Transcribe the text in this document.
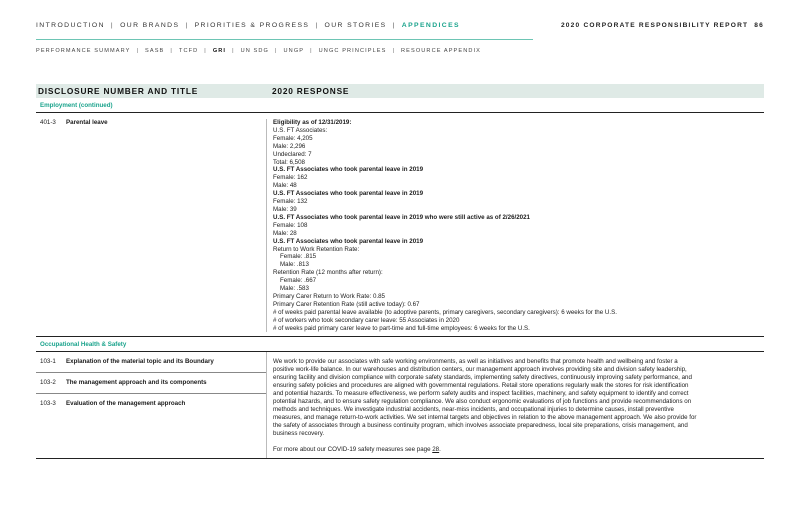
INTRODUCTION | OUR BRANDS | PRIORITIES & PROGRESS | OUR STORIES | APPENDICES	2020 CORPORATE RESPONSIBILITY REPORT 86
PERFORMANCE SUMMARY | SASB | TCFD | GRI | UN SDG | UNGP | UNGC PRINCIPLES | RESOURCE APPENDIX
DISCLOSURE NUMBER AND TITLE	2020 RESPONSE
Employment (continued)
401-3 Parental leave	Eligibility as of 12/31/2019:
U.S. FT Associates:
Female: 4,205
Male: 2,296
Undeclared: 7
Total: 6,508
U.S. FT Associates who took parental leave in 2019
Female: 162
Male: 48
U.S. FT Associates who took parental leave in 2019
Female: 132
Male: 39
U.S. FT Associates who took parental leave in 2019 who were still active as of 2/26/2021
Female: 108
Male: 28
U.S. FT Associates who took parental leave in 2019
Return to Work Retention Rate:
Female: .815
Male: .813
Retention Rate (12 months after return):
Female: .667
Male: .583
Primary Carer Return to Work Rate: 0.85
Primary Carer Retention Rate (still active today): 0.67
# of weeks paid parental leave available (to adoptive parents, primary caregivers, secondary caregivers): 6 weeks for the U.S.
# of workers who took secondary carer leave: 55 Associates in 2020
# of weeks paid primary carer leave to part-time and full-time employees: 6 weeks for the U.S.
Occupational Health & Safety
103-1 Explanation of the material topic and its Boundary
103-2 The management approach and its components
103-3 Evaluation of the management approach
We work to provide our associates with safe working environments, as well as initiatives and benefits that promote health and wellbeing and foster a
positive work-life balance. In our warehouses and distribution centers, our management approach involves providing site and division safety leadership,
ensuring facility and division compliance with corporate safety standards, implementing safety directives, continuously improving safety performance, and
ensuring safety policies and procedures are aligned with governmental regulations. Retail store operations regularly walk the stores for risk identification
and potential hazards. To measure effectiveness, we perform safety audits and inspect facilities, machinery, and safety equipment to identify and correct
potential hazards, and to ensure safety regulation compliance. We also conduct ergonomic evaluations of job functions and provide recommendations on
methods and techniques. We investigate industrial accidents, near-miss incidents, and occupational injuries to determine causes, install preventive
measures, and manage return-to-work activities. We set internal targets and objectives in relation to the above management approach. We also provide for
the safety of associates through a business continuity program, which involves associate preparedness, local site preparations, crisis management, and
business recovery.
For more about our COVID-19 safety measures see page 28.
